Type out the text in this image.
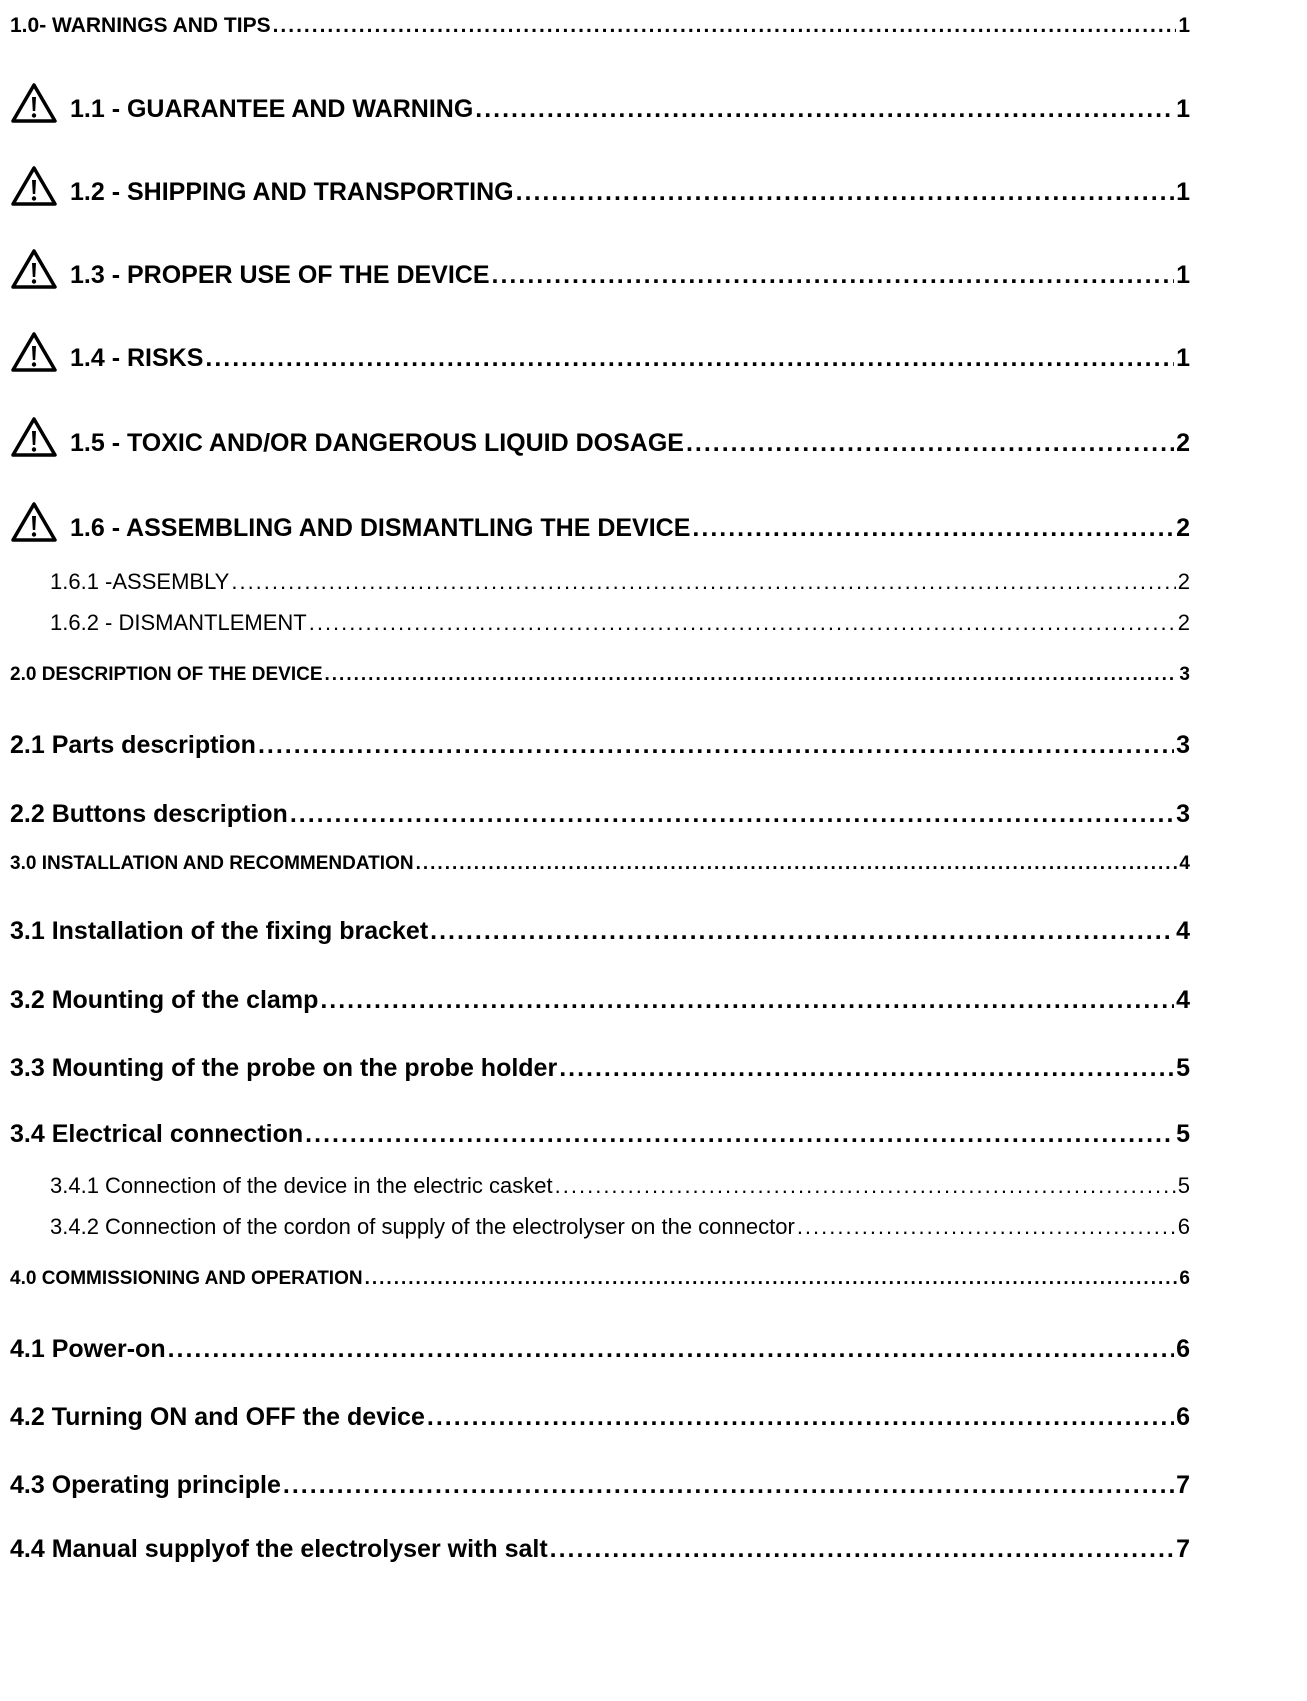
1.0 - WARNINGS AND TIPS .....	1
1.1 - GUARANTEE AND WARNING .....	1
1.2 - SHIPPING AND TRANSPORTING .....	1
1.3 - PROPER USE OF THE DEVICE .....	1
1.4 - RISKS .....	1
1.5 - TOXIC AND/OR DANGEROUS LIQUID DOSAGE .....	2
1.6 - ASSEMBLING AND DISMANTLING THE DEVICE .....	2
1.6.1 -ASSEMBLY .....	2
1.6.2 - DISMANTLEMENT .....	2
2.0 DESCRIPTION OF THE DEVICE .....	3
2.1 Parts description .....	3
2.2 Buttons description .....	3
3.0 INSTALLATION AND RECOMMENDATION .....	4
3.1 Installation of the fixing bracket .....	4
3.2 Mounting of the clamp .....	4
3.3 Mounting of the probe on the probe holder .....	5
3.4 Electrical connection .....	5
3.4.1 Connection of the device in the electric casket .....	5
3.4.2 Connection of the cordon of supply of the electrolyser on the connector .....	6
4.0 COMMISSIONING AND OPERATION .....	6
4.1 Power-on .....	6
4.2 Turning ON and OFF the device .....	6
4.3 Operating principle .....	7
4.4 Manual supplyof the electrolyser with salt .....	7
